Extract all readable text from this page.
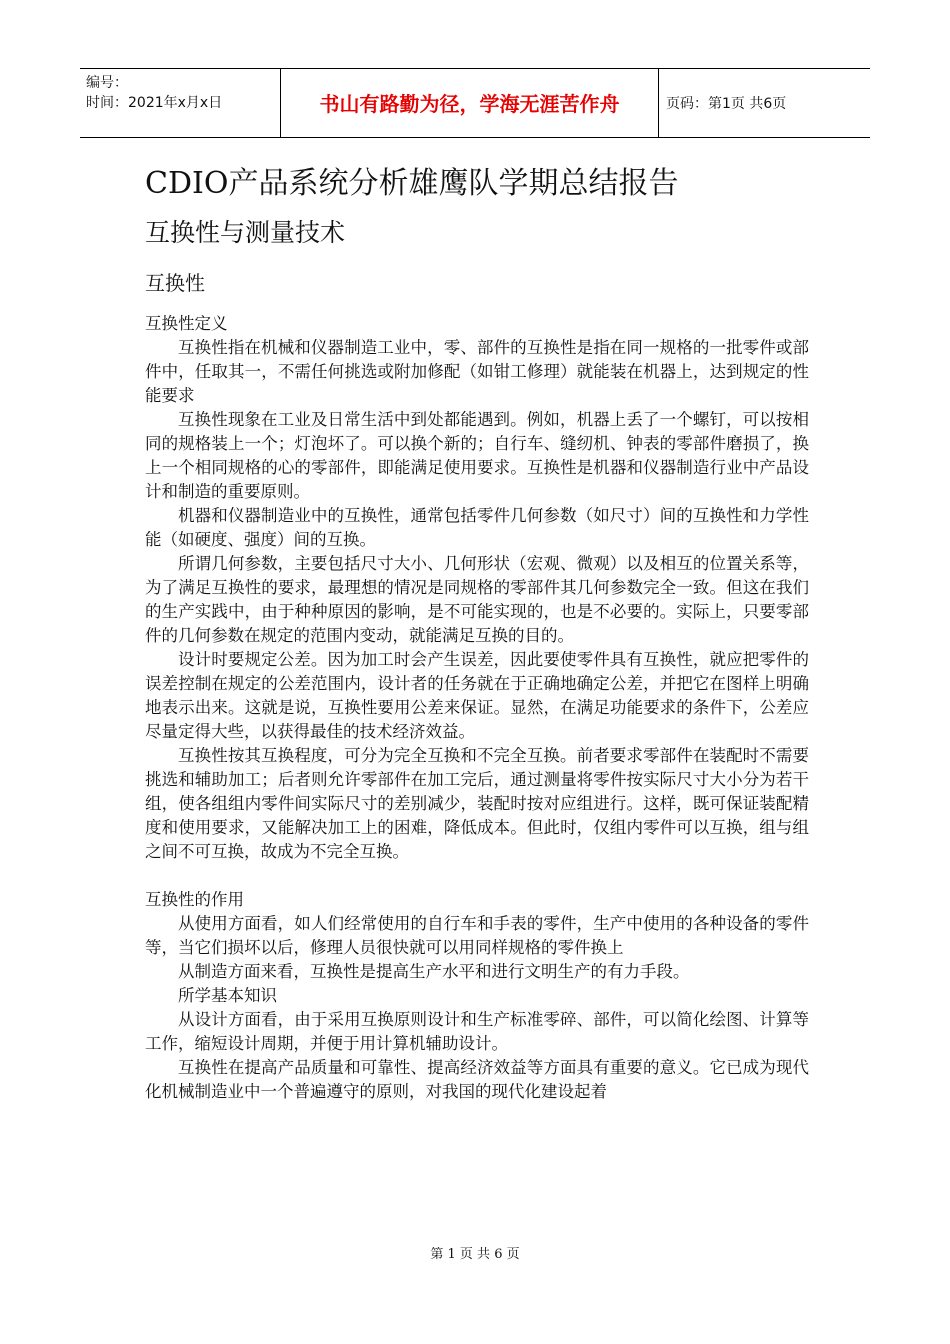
编号：
时间：2021年x月x日	书山有路勤为径，学海无涯苦作舟	页码：第1页 共6页
CDIO产品系统分析雄鹰队学期总结报告
互换性与测量技术
互换性

互换性定义

互换性指在机械和仪器制造工业中，零、部件的互换性是指在同一规格的一批零件或部件中，任取其一，不需任何挑选或附加修配（如钳工修理）就能装在机器上，达到规定的性能要求

互换性现象在工业及日常生活中到处都能遇到。例如，机器上丢了一个螺钉，可以按相同的规格装上一个；灯泡坏了。可以换个新的；自行车、缝纫机、钟表的零部件磨损了，换上一个相同规格的心的零部件，即能满足使用要求。互换性是机器和仪器制造行业中产品设计和制造的重要原则。

机器和仪器制造业中的互换性，通常包括零件几何参数（如尺寸）间的互换性和力学性能（如硬度、强度）间的互换。

所谓几何参数，主要包括尺寸大小、几何形状（宏观、微观）以及相互的位置关系等，为了满足互换性的要求，最理想的情况是同规格的零部件其几何参数完全一致。但这在我们的生产实践中，由于种种原因的影响，是不可能实现的，也是不必要的。实际上，只要零部件的几何参数在规定的范围内变动，就能满足互换的目的。

设计时要规定公差。因为加工时会产生误差，因此要使零件具有互换性，就应把零件的误差控制在规定的公差范围内，设计者的任务就在于正确地确定公差，并把它在图样上明确地表示出来。这就是说，互换性要用公差来保证。显然，在满足功能要求的条件下，公差应尽量定得大些，以获得最佳的技术经济效益。

互换性按其互换程度，可分为完全互换和不完全互换。前者要求零部件在装配时不需要挑选和辅助加工；后者则允许零部件在加工完后，通过测量将零件按实际尺寸大小分为若干组，使各组组内零件间实际尺寸的差别减少，装配时按对应组进行。这样，既可保证装配精度和使用要求，又能解决加工上的困难，降低成本。但此时，仅组内零件可以互换，组与组之间不可互换，故成为不完全互换。

互换性的作用

从使用方面看，如人们经常使用的自行车和手表的零件，生产中使用的各种设备的零件等，当它们损坏以后，修理人员很快就可以用同样规格的零件换上

从制造方面来看，互换性是提高生产水平和进行文明生产的有力手段。

所学基本知识

从设计方面看，由于采用互换原则设计和生产标准零碎、部件，可以简化绘图、计算等工作，缩短设计周期，并便于用计算机辅助设计。

互换性在提高产品质量和可靠性、提高经济效益等方面具有重要的意义。它已成为现代化机械制造业中一个普遍遵守的原则，对我国的现代化建设起着

第 1 页 共 6 页
